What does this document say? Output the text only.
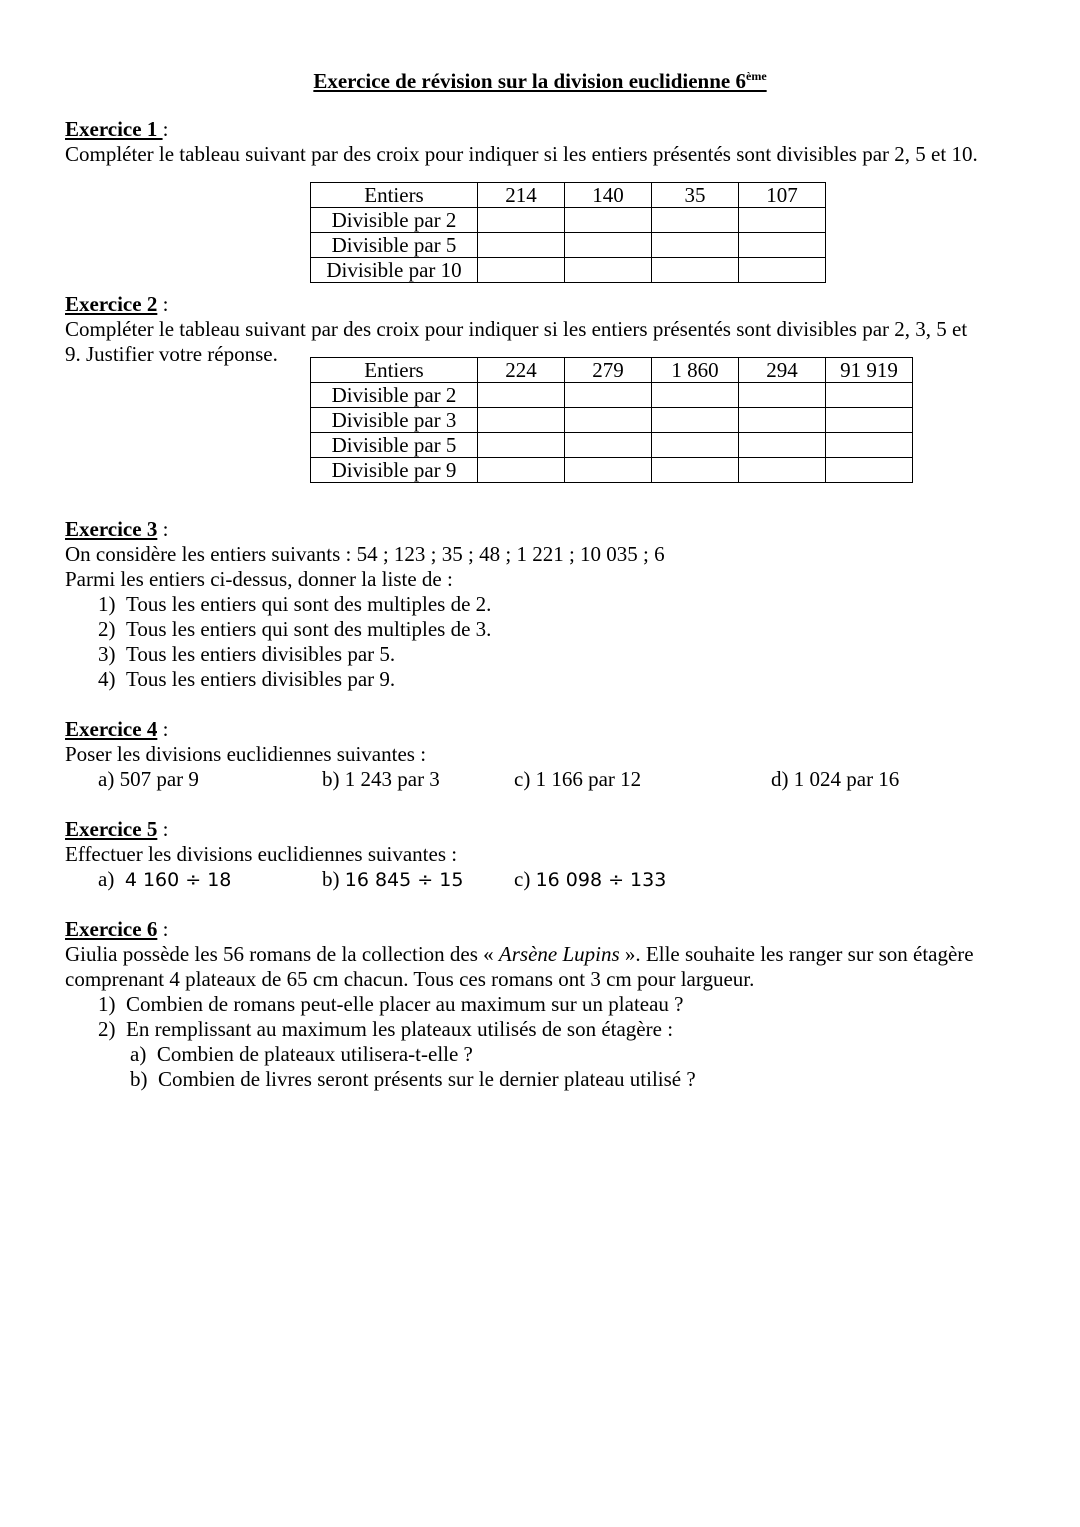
Exercice de révision sur la division euclidienne 6ème
Exercice 1 :
Compléter le tableau suivant par des croix pour indiquer si les entiers présentés sont divisibles par 2, 5 et 10.
Entiers	214	140	35	107
Divisible par 2				
Divisible par 5				
Divisible par 10				
Exercice 2 :
Compléter le tableau suivant par des croix pour indiquer si les entiers présentés sont divisibles par 2, 3, 5 et
9. Justifier votre réponse.
Entiers	224	279	1 860	294	91 919
Divisible par 2					
Divisible par 3					
Divisible par 5					
Divisible par 9					
Exercice 3 :
On considère les entiers suivants : 54 ; 123 ; 35 ; 48 ; 1 221 ; 10 035 ; 6
Parmi les entiers ci-dessus, donner la liste de :
1) Tous les entiers qui sont des multiples de 2.
2) Tous les entiers qui sont des multiples de 3.
3) Tous les entiers divisibles par 5.
4) Tous les entiers divisibles par 9.
Exercice 4 :
Poser les divisions euclidiennes suivantes :
a) 507 par 9	b) 1 243 par 3	c) 1 166 par 12	d) 1 024 par 16
Exercice 5 :
Effectuer les divisions euclidiennes suivantes :
a) 4 160 ÷ 18	b) 16 845 ÷ 15 c) 16 098 ÷ 133
Exercice 6 :
Giulia possède les 56 romans de la collection des « Arsène Lupins ». Elle souhaite les ranger sur son étagère
comprenant 4 plateaux de 65 cm chacun. Tous ces romans ont 3 cm pour largueur.
1) Combien de romans peut-elle placer au maximum sur un plateau ?
2) En remplissant au maximum les plateaux utilisés de son étagère :
a) Combien de plateaux utilisera-t-elle ?
b) Combien de livres seront présents sur le dernier plateau utilisé ?
